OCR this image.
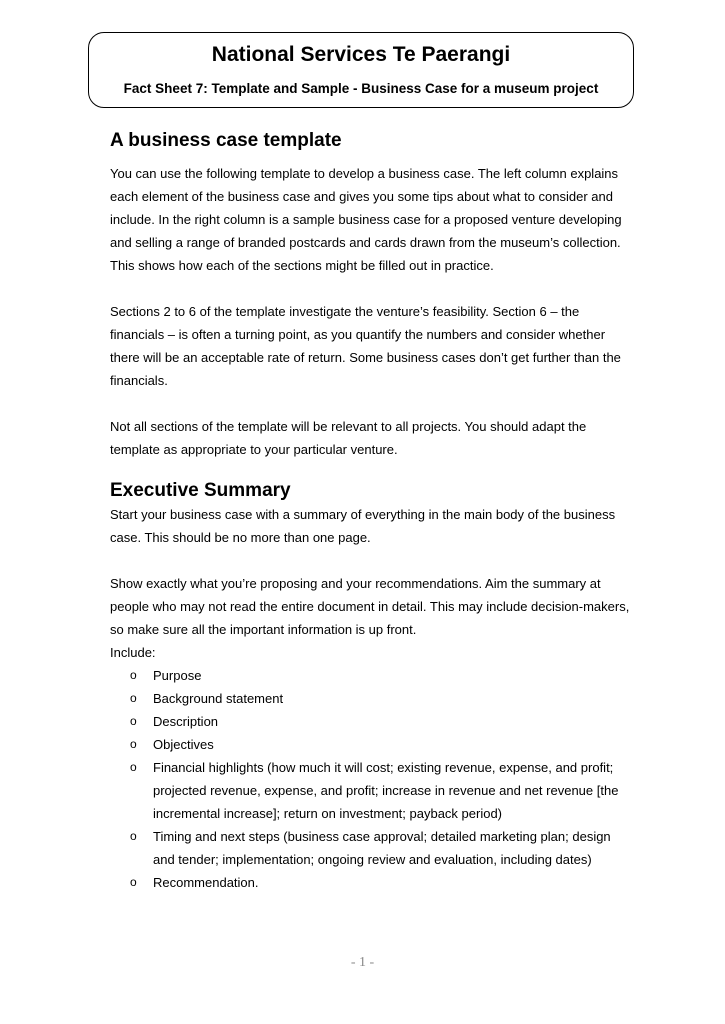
National Services Te Paerangi
Fact Sheet 7: Template and Sample - Business Case for a museum project
A business case template

You can use the following template to develop a business case. The left column explains each element of the business case and gives you some tips about what to consider and include. In the right column is a sample business case for a proposed venture developing and selling a range of branded postcards and cards drawn from the museum’s collection. This shows how each of the sections might be filled out in practice.

Sections 2 to 6 of the template investigate the venture’s feasibility. Section 6 – the financials – is often a turning point, as you quantify the numbers and consider whether there will be an acceptable rate of return. Some business cases don’t get further than the financials.

Not all sections of the template will be relevant to all projects. You should adapt the template as appropriate to your particular venture.

Executive Summary

Start your business case with a summary of everything in the main body of the business case. This should be no more than one page.

Show exactly what you’re proposing and your recommendations. Aim the summary at people who may not read the entire document in detail. This may include decision-makers, so make sure all the important information is up front.

Include:

o Purpose
o Background statement
o Description
o Objectives
o Financial highlights (how much it will cost; existing revenue, expense, and profit; projected revenue, expense, and profit; increase in revenue and net revenue [the incremental increase]; return on investment; payback period)
o Timing and next steps (business case approval; detailed marketing plan; design and tender; implementation; ongoing review and evaluation, including dates)
o Recommendation.
- 1 -
